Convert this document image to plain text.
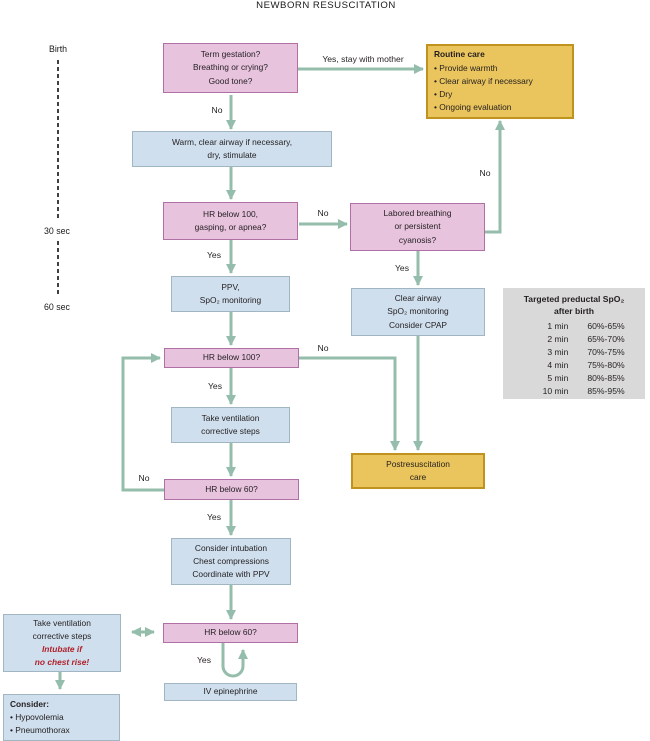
NEWBORN RESUSCITATION
Birth
30 sec
60 sec
Term gestation?
Breathing or crying?
Good tone?
Routine care
• Provide warmth
• Clear airway if necessary
• Dry
• Ongoing evaluation
Warm, clear airway if necessary,
dry, stimulate
HR below 100,
gasping, or apnea?
Labored breathing
or persistent
cyanosis?
PPV,
SpO₂ monitoring	Clear airway
SpO₂ monitoring
Consider CPAP
Targeted preductal SpO₂
after birth
1 min 60%-65%
2 min 65%-70%
3 min 70%-75%
4 min 75%-80%
5 min 80%-85%
10 min 85%-95%
HR below 100?
Take ventilation
corrective steps
Postresuscitation
care
HR below 60?
Consider intubation
Chest compressions
Coordinate with PPV
Take ventilation
corrective steps
Intubate if
no chest rise!
HR below 60?
IV epinephrine
Consider:
• Hypovolemia
• Pneumothorax
Yes, stay with mother
No
No
No
Yes
Yes
No
Yes
No
Yes
Yes
